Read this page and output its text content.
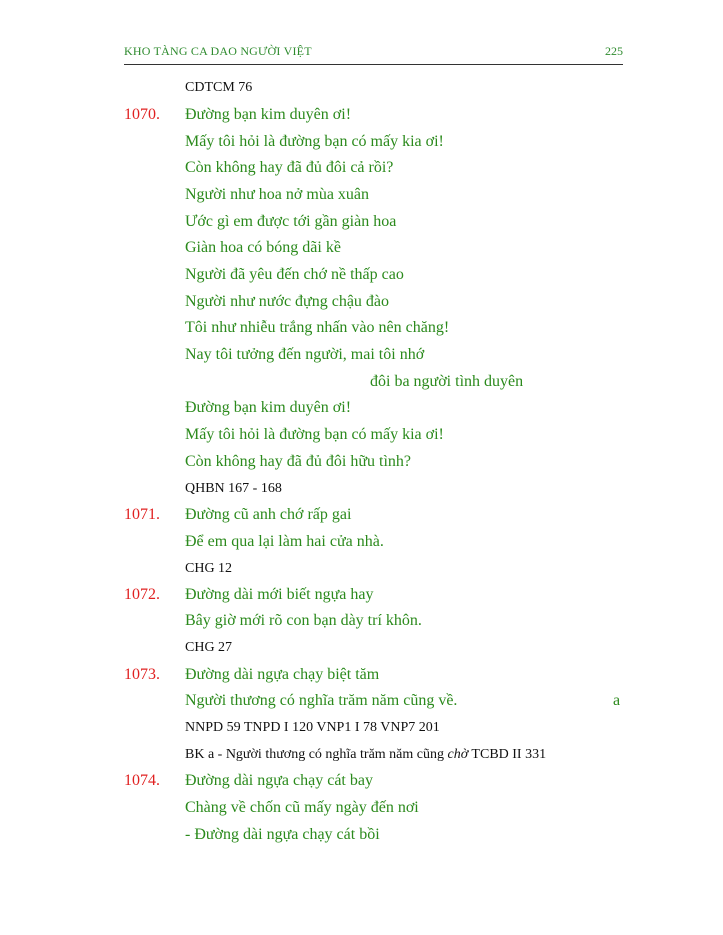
KHO TÀNG CA DAO NGƯỜI VIỆT	225
CDTCM 76
1070. Đường bạn kim duyên ơi!
Mấy tôi hỏi là đường bạn có mấy kia ơi!
Còn không hay đã đủ đôi cả rồi?
Người như hoa nở mùa xuân
Ước gì em được tới gần giàn hoa
Giàn hoa có bóng dãi kề
Người đã yêu đến chớ nề thấp cao
Người như nước đựng chậu đào
Tôi như nhiễu trắng nhấn vào nên chăng!
Nay tôi tưởng đến người, mai tôi nhớ
đôi ba người tình duyên
Đường bạn kim duyên ơi!
Mấy tôi hỏi là đường bạn có mấy kia ơi!
Còn không hay đã đủ đôi hữu tình?
QHBN 167 - 168
1071. Đường cũ anh chớ rấp gai
Để em qua lại làm hai cửa nhà.
CHG 12
1072. Đường dài mới biết ngựa hay
Bây giờ mới rõ con bạn dày trí khôn.
CHG 27
1073. Đường dài ngựa chạy biệt tăm
Người thương có nghĩa trăm năm cũng về.	a
NNPD 59 TNPD I 120 VNP1 I 78 VNP7 201
BK a - Người thương có nghĩa trăm năm cũng chờ TCBD II 331
1074. Đường dài ngựa chạy cát bay
Chàng về chốn cũ mấy ngày đến nơi
- Đường dài ngựa chạy cát bồi
